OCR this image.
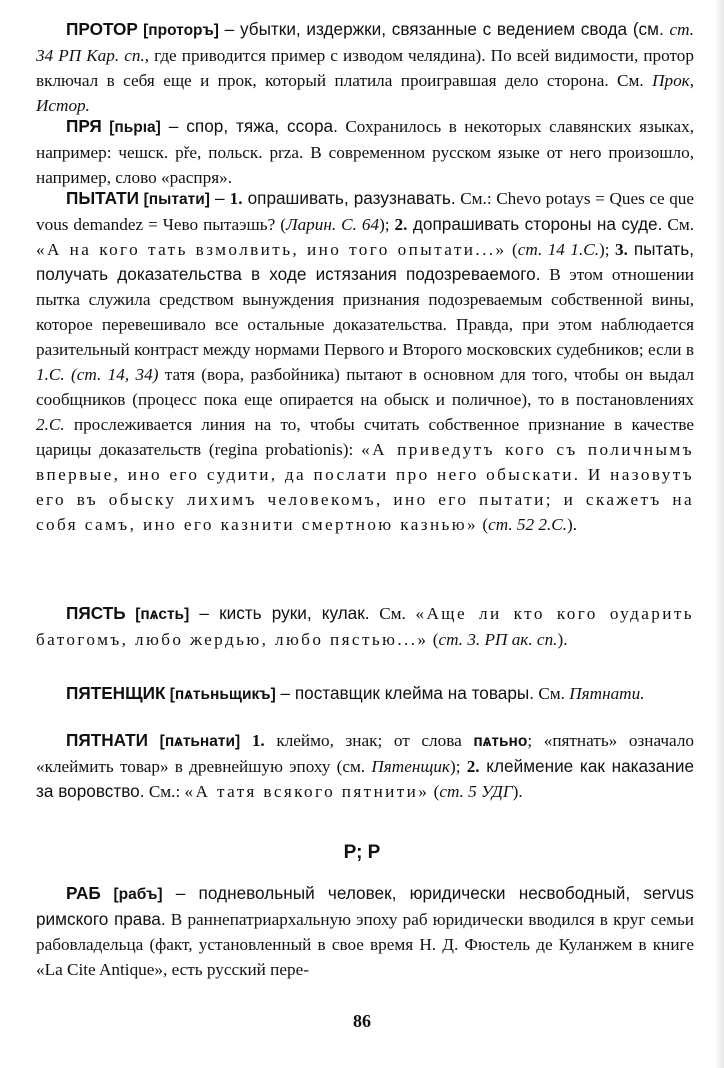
ПРОТОР [проторъ] – убытки, издержки, связанные с ведением свода (см. ст. 34 РП Кар. сп., где приводится пример с изводом челядина). По всей видимости, протор включал в себя еще и прок, который платила проигравшая дело сторона. См. Прок, Истор.

ПРЯ [пьрıа] – спор, тяжа, ссора. Сохранилось в некоторых славянских языках, например: чешск. pře, польск. prza. В современном русском языке от него произошло, например, слово «распря».

ПЫТАТИ [пытати] – 1. опрашивать, разузнавать. См.: Chevo potays = Ques ce que vous demandez = Чево пытаэшь? (Ларин. С. 64); 2. допрашивать стороны на суде. См. «А на кого тать взмолвить, ино того опытати...» (ст. 14 1.С.); 3. пытать, получать доказательства в ходе истязания подозреваемого. В этом отношении пытка служила средством вынуждения признания подозреваемым собственной вины, которое перевешивало все остальные доказательства. Правда, при этом наблюдается разительный контраст между нормами Первого и Второго московских судебников; если в 1.С. (ст. 14, 34) татя (вора, разбойника) пытают в основном для того, чтобы он выдал сообщников (процесс пока еще опирается на обыск и поличное), то в постановлениях 2.С. прослеживается линия на то, чтобы считать собственное признание в качестве царицы доказательств (regina probationis): «А приведутъ кого съ поличнымъ впервые, ино его судити, да послати про него обыскати. И назовутъ его въ обыску лихимъ человекомъ, ино его пытати; и скажетъ на собя самъ, ино его казнити смертною казнью» (ст. 52 2.С.).

ПЯСТЬ [пѧсть] – кисть руки, кулак. См. «Аще ли кто кого оударить батогомъ, любо жердью, любо пястью...» (ст. 3. РП ак. сп.).

ПЯТЕНЩИК [пѧтьньщикъ] – поставщик клейма на товары. См. Пятнати.

ПЯТНАТИ [пѧтьнати] 1. клеймо, знак; от слова пѧтьно; «пятнать» означало «клеймить товар» в древнейшую эпоху (см. Пятенщик); 2. клеймение как наказание за воровство. См.: «А татя всякого пятнити» (ст. 5 УДГ).

Р; Р

РАБ [рабъ] – подневольный человек, юридически несвободный, servus римского права. В раннепатриархальную эпоху раб юридически вводился в круг семьи рабовладельца (факт, установленный в свое время Н. Д. Фюстель де Куланжем в книге «La Cite Antique», есть русский пере-

86
